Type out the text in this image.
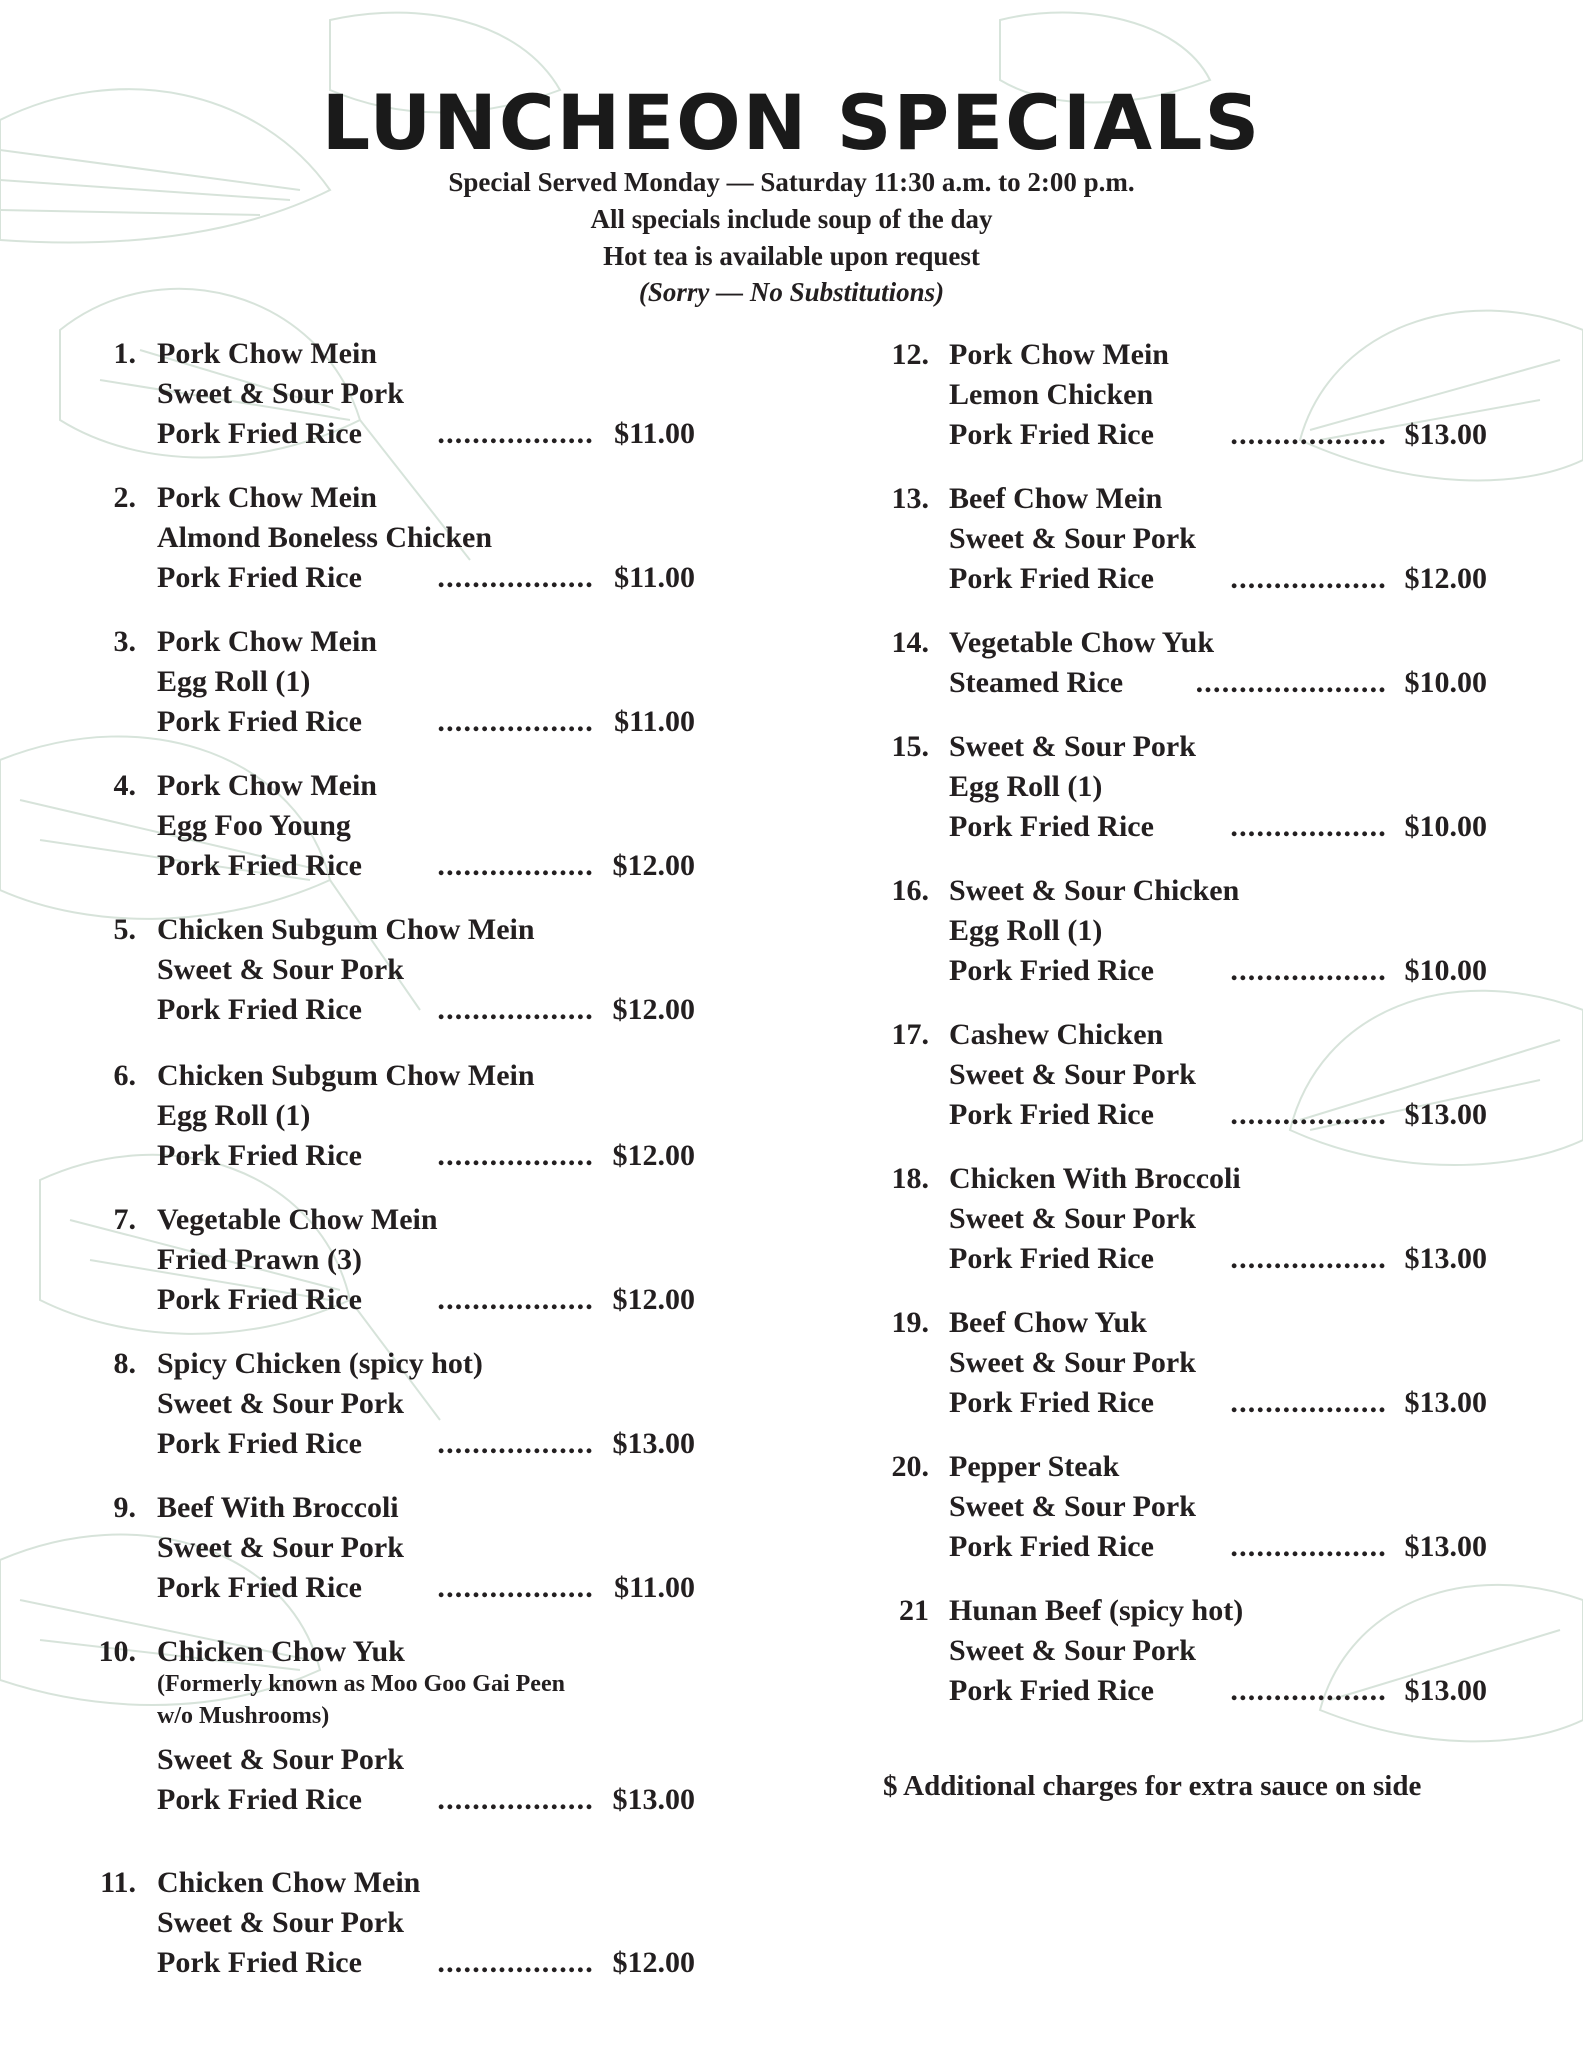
LUNCHEON SPECIALS

Special Served Monday — Saturday 11:30 a.m. to 2:00 p.m.

All specials include soup of the day

Hot tea is available upon request

(Sorry — No Substitutions)

1. Pork Chow Mein
Sweet & Sour Pork
Pork Fried Rice	.................. $11.00
2. Pork Chow Mein
Almond Boneless Chicken
Pork Fried Rice	.................. $11.00
3. Pork Chow Mein
Egg Roll (1)
Pork Fried Rice	.................. $11.00
4. Pork Chow Mein
Egg Foo Young
Pork Fried Rice	.................. $12.00
5. Chicken Subgum Chow Mein
Sweet & Sour Pork
Pork Fried Rice	.................. $12.00
6. Chicken Subgum Chow Mein
Egg Roll (1)
Pork Fried Rice	.................. $12.00
7. Vegetable Chow Mein
Fried Prawn (3)
Pork Fried Rice	.................. $12.00
8. Spicy Chicken (spicy hot)
Sweet & Sour Pork
Pork Fried Rice	.................. $13.00
9. Beef With Broccoli
Sweet & Sour Pork
Pork Fried Rice	.................. $11.00
10. Chicken Chow Yuk
(Formerly known as Moo Goo Gai Peen
w/o Mushrooms)
Sweet & Sour Pork
Pork Fried Rice	.................. $13.00
11. Chicken Chow Mein
Sweet & Sour Pork
Pork Fried Rice	.................. $12.00
12. Pork Chow Mein
Lemon Chicken
Pork Fried Rice	.................. $13.00
13. Beef Chow Mein
Sweet & Sour Pork
Pork Fried Rice	.................. $12.00
14. Vegetable Chow Yuk
Steamed Rice ...................... $10.00
15. Sweet & Sour Pork
Egg Roll (1)
Pork Fried Rice	.................. $10.00
16. Sweet & Sour Chicken
Egg Roll (1)
Pork Fried Rice	.................. $10.00
17. Cashew Chicken
Sweet & Sour Pork
Pork Fried Rice	.................. $13.00
18. Chicken With Broccoli
Sweet & Sour Pork
Pork Fried Rice	.................. $13.00
19. Beef Chow Yuk
Sweet & Sour Pork
Pork Fried Rice	.................. $13.00
20. Pepper Steak
Sweet & Sour Pork
Pork Fried Rice	.................. $13.00
21 Hunan Beef (spicy hot)
Sweet & Sour Pork
Pork Fried Rice	.................. $13.00
$ Additional charges for extra sauce on side
